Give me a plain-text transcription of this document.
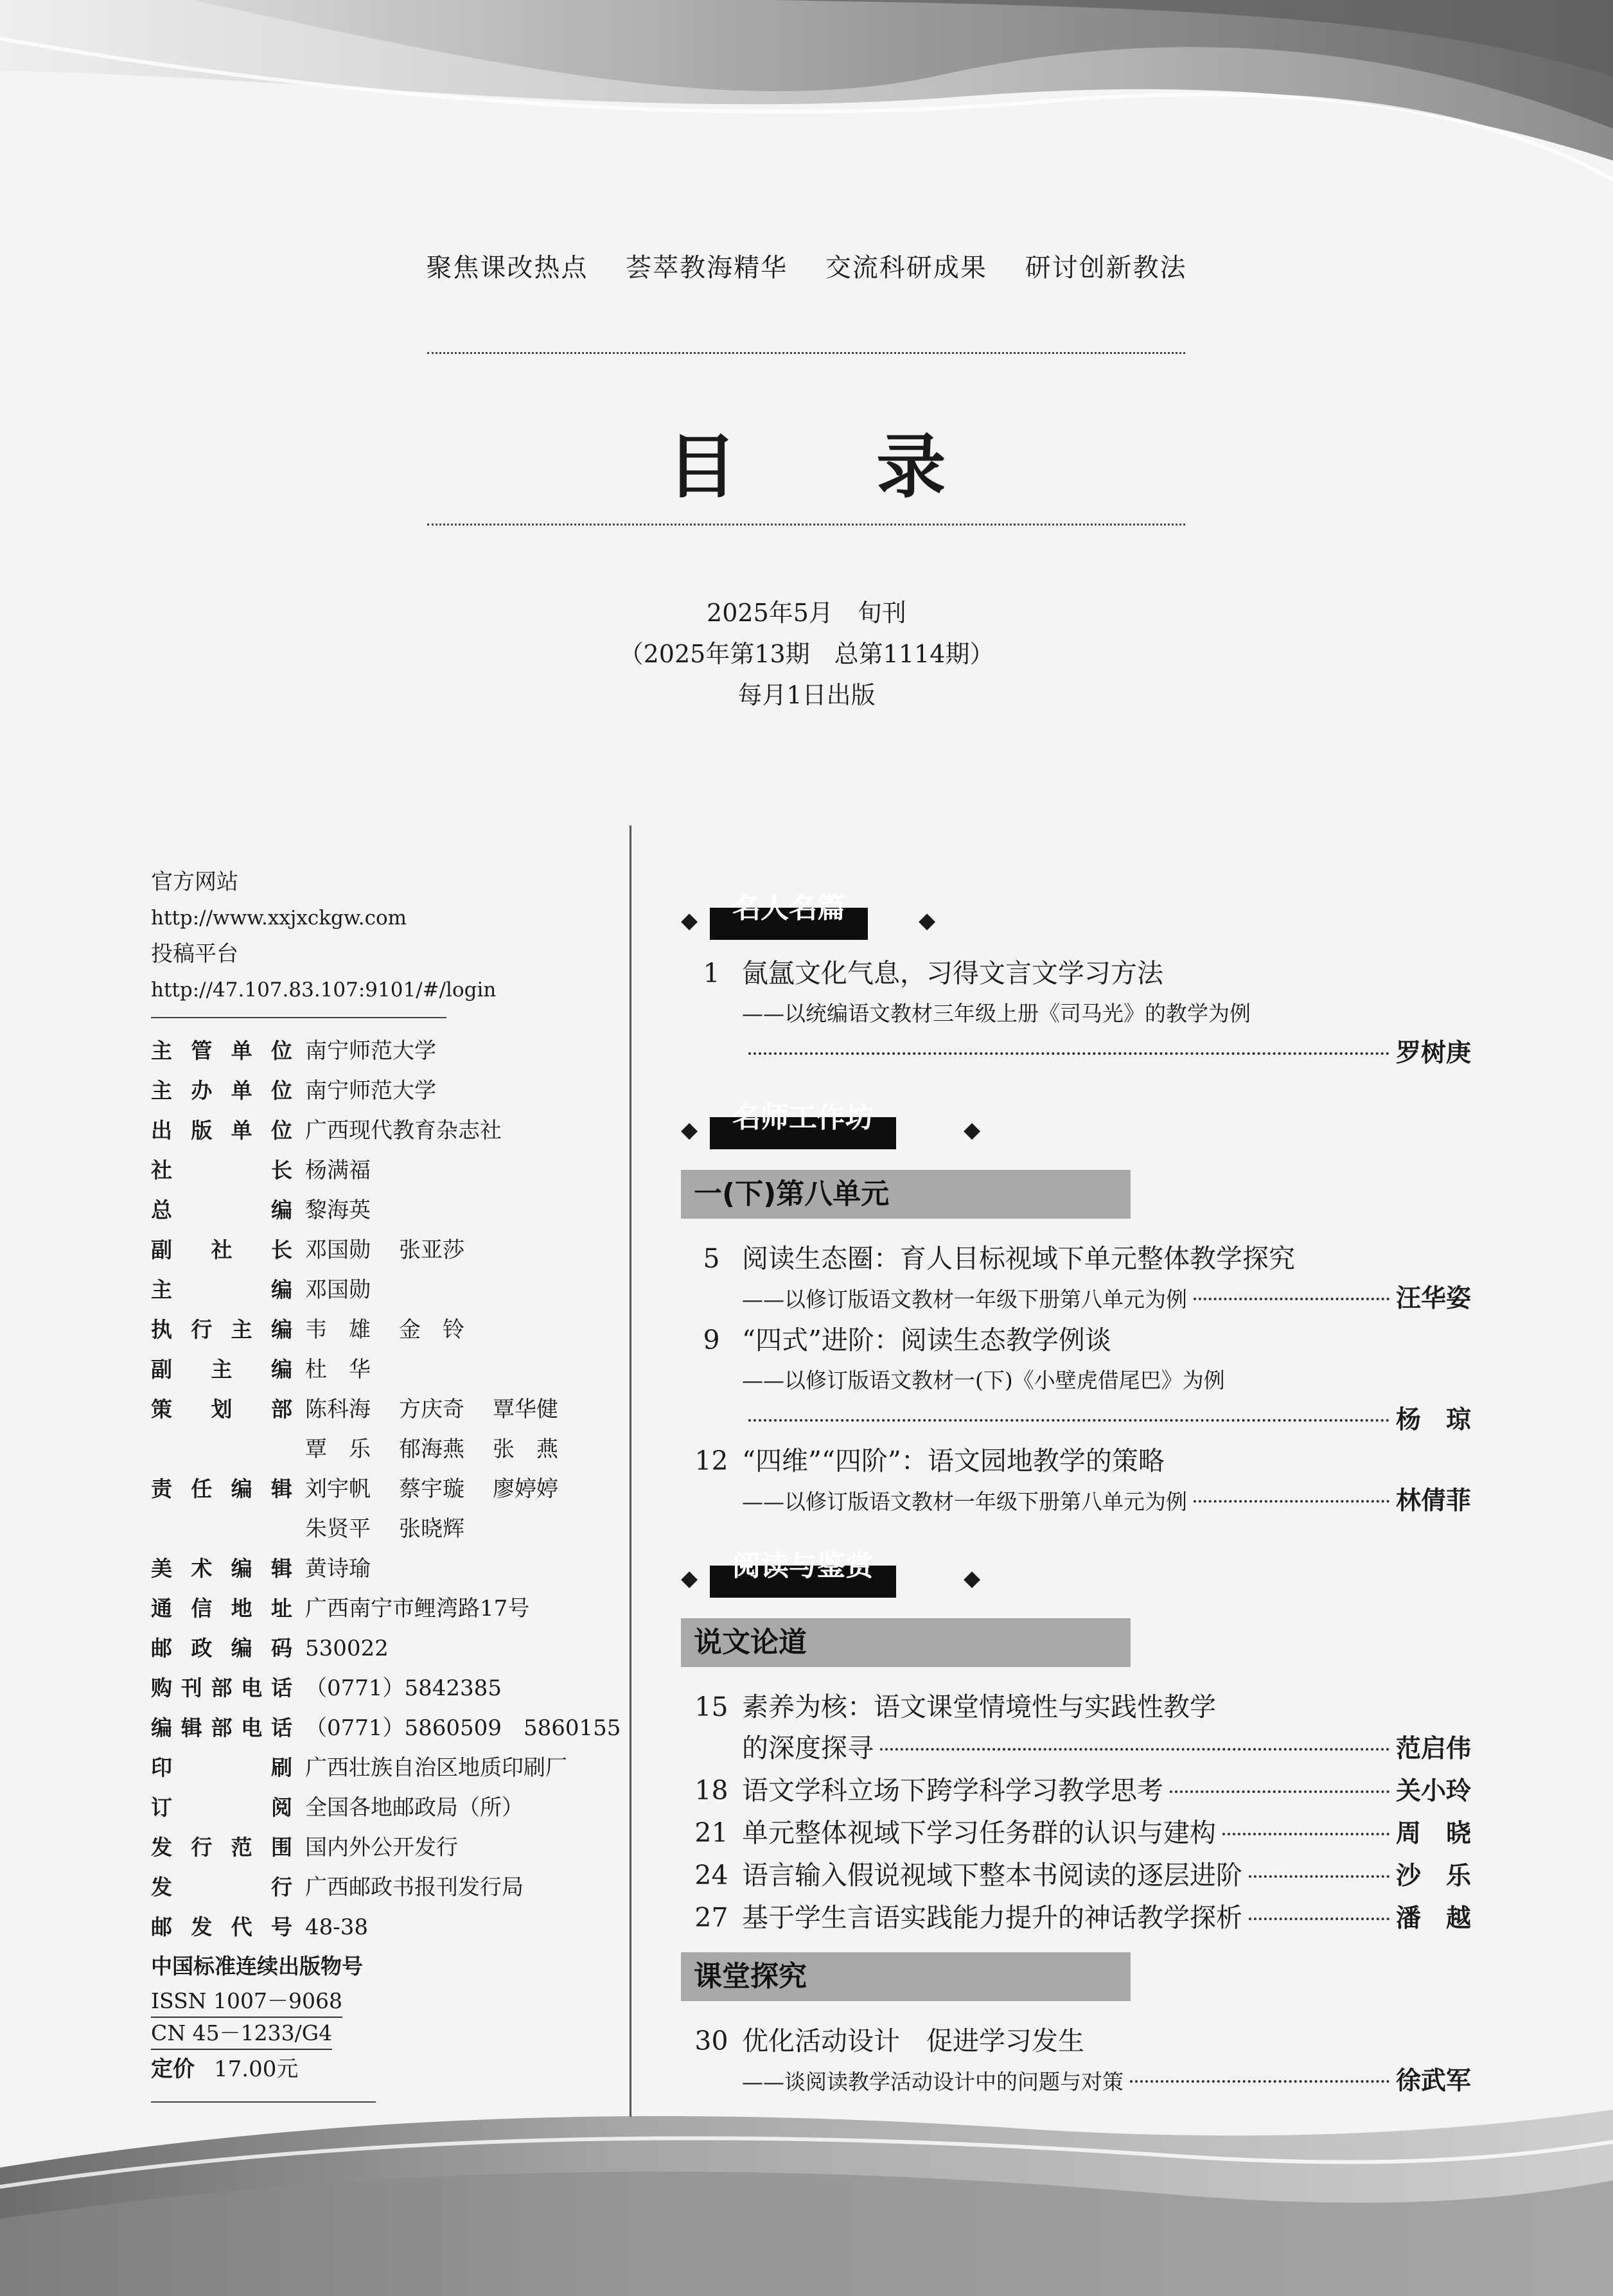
聚焦课改热点 荟萃教海精华 交流科研成果 研讨创新教法
目 录
2025年5月　旬刊
（2025年第13期　总第1114期）
每月1日出版
官方网站
http://www.xxjxckgw.com
投稿平台
http://47.107.83.107:9101/#/login
主管单位 南宁师范大学
主办单位 南宁师范大学
出版单位 广西现代教育杂志社
社长 杨满福
总编 黎海英
副社长 邓国勋 张亚莎
主编 邓国勋
执行主编 韦　雄 金　铃
副主编 杜　华
策划部 陈科海 方庆奇 覃华健
覃　乐 郁海燕 张　燕
责任编辑 刘宇帆 蔡宇璇 廖婷婷
朱贤平 张晓辉
美术编辑 黄诗瑜
通信地址 广西南宁市鲤湾路17号
邮政编码 530022
购刊部电话 （0771）5842385
编辑部电话 （0771）5860509　5860155
印刷 广西壮族自治区地质印刷厂
订阅 全国各地邮政局（所）
发行范围 国内外公开发行
发行 广西邮政书报刊发行局
邮发代号 48-38
中国标准连续出版物号
ISSN 1007－9068
CN 45－1233/G4
定价 17.00元
◆	名人名篇	◆
1 氤氲文化气息，习得文言文学习方法
——以统编语文教材三年级上册《司马光》的教学为例
罗树庚
◆	名师工作坊	◆
一(下)第八单元
5 阅读生态圈：育人目标视域下单元整体教学探究
——以修订版语文教材一年级下册第八单元为例	汪华姿
9 “四式”进阶：阅读生态教学例谈
——以修订版语文教材一(下)《小壁虎借尾巴》为例
杨　琼
12 “四维”“四阶”：语文园地教学的策略
——以修订版语文教材一年级下册第八单元为例	林倩菲
◆	阅读与鉴赏	◆
说文论道
15 素养为核：语文课堂情境性与实践性教学
的深度探寻	范启伟
18 语文学科立场下跨学科学习教学思考	关小玲
21 单元整体视域下学习任务群的认识与建构	周　晓
24 语言输入假说视域下整本书阅读的逐层进阶	沙　乐
27 基于学生言语实践能力提升的神话教学探析	潘　越
课堂探究
30 优化活动设计　促进学习发生
——谈阅读教学活动设计中的问题与对策	徐武军
